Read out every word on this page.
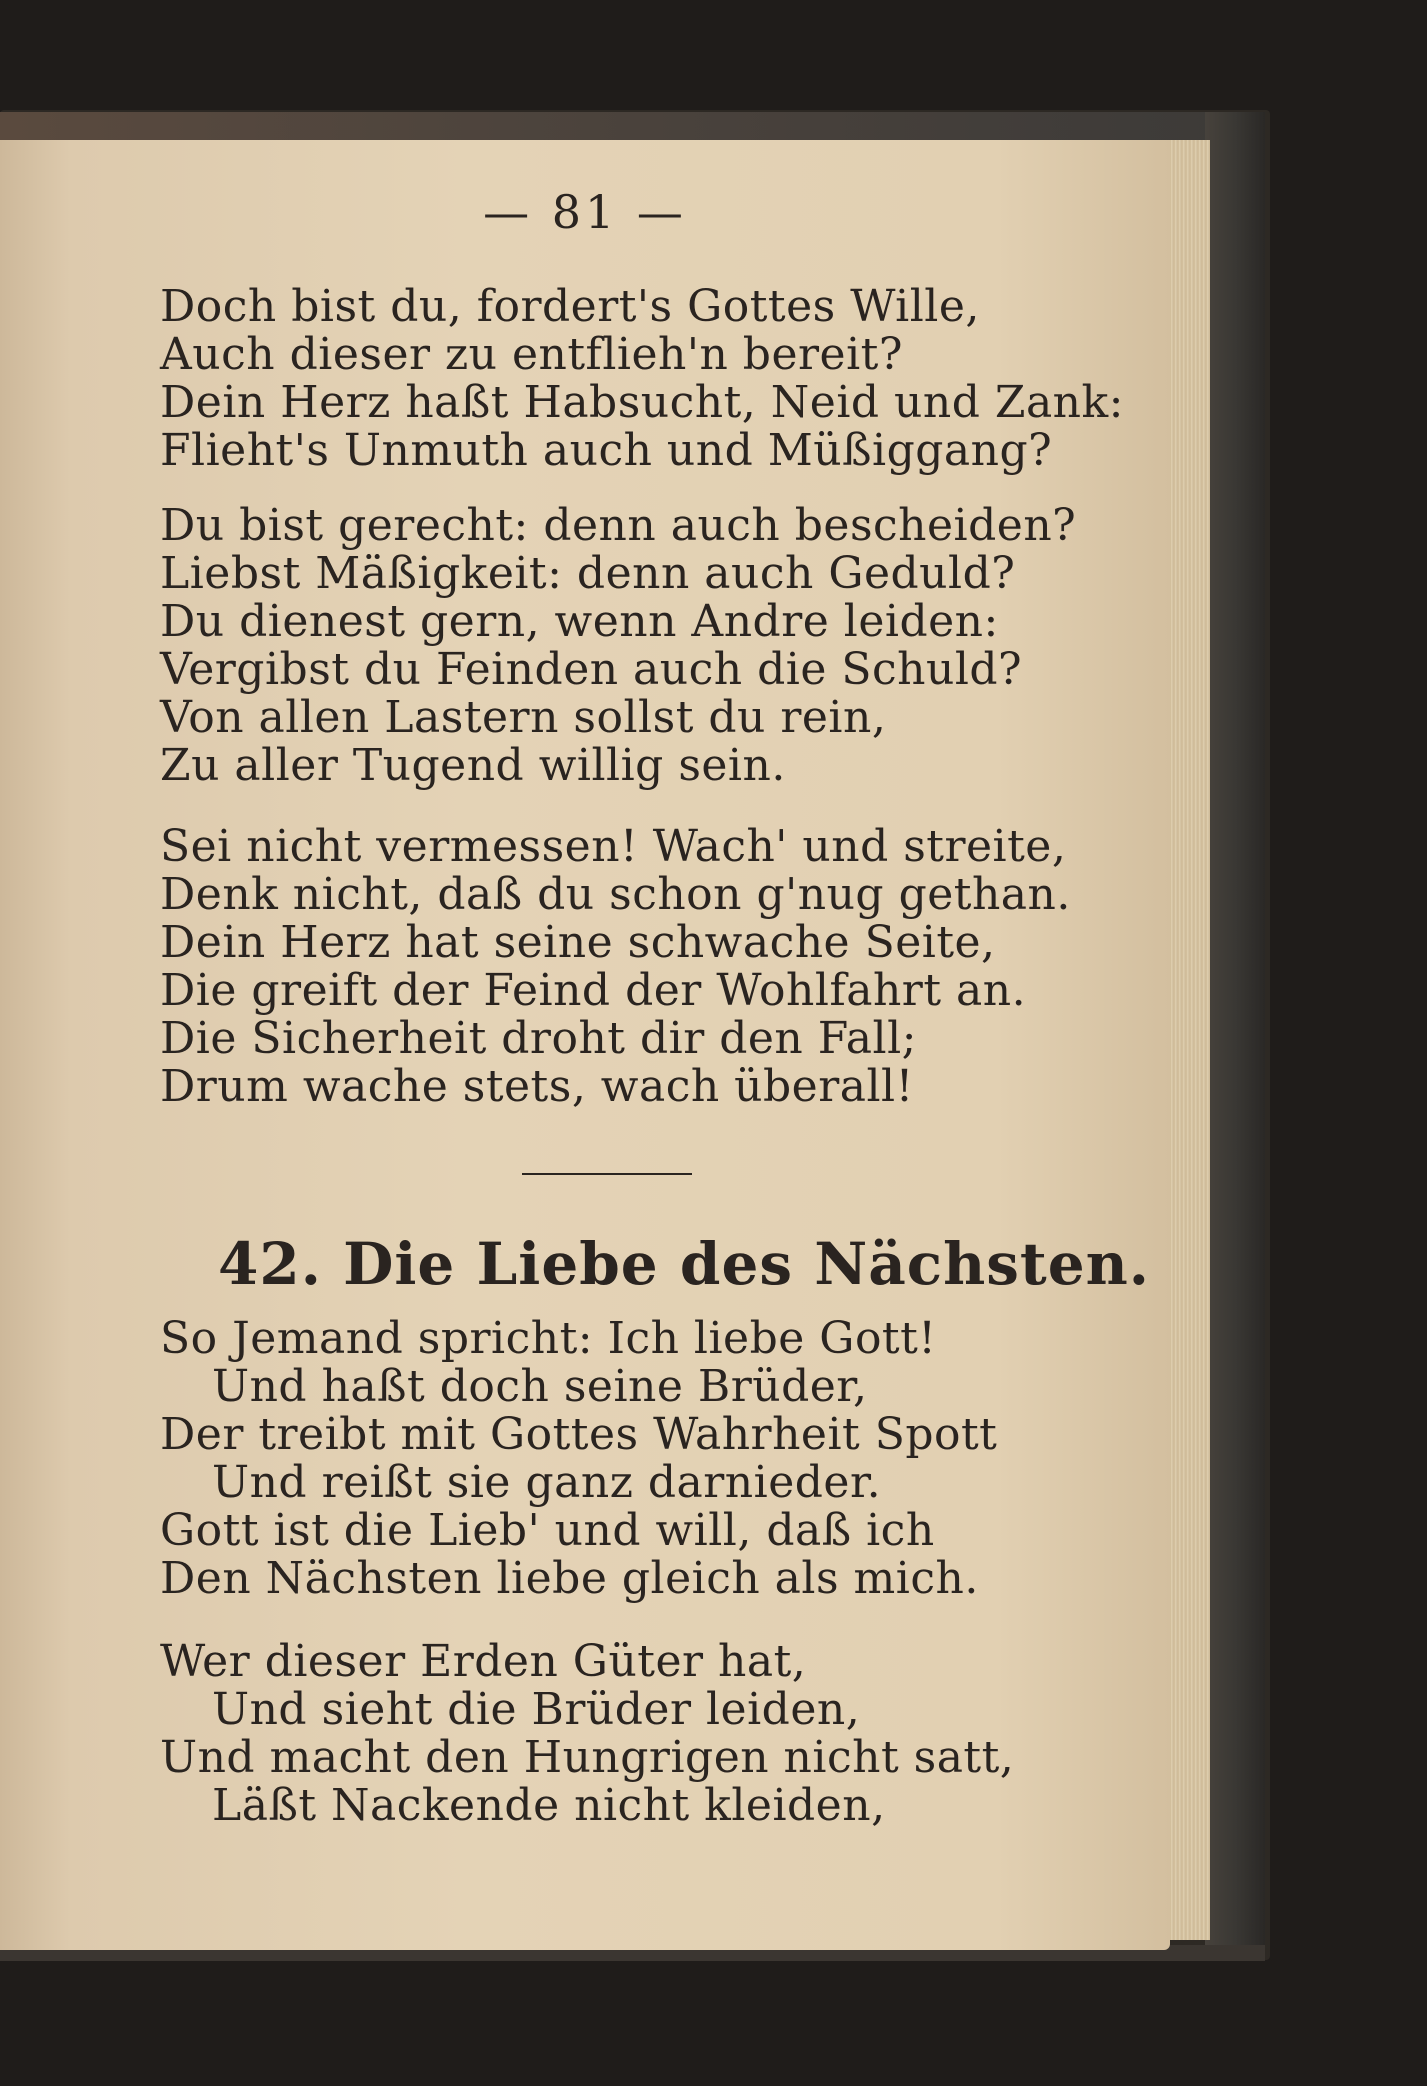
— 81 —
Doch bist du, fordert's Gottes Wille,
Auch dieser zu entflieh'n bereit?
Dein Herz haßt Habsucht, Neid und Zank:
Flieht's Unmuth auch und Müßiggang?
Du bist gerecht: denn auch bescheiden?
Liebst Mäßigkeit: denn auch Geduld?
Du dienest gern, wenn Andre leiden:
Vergibst du Feinden auch die Schuld?
Von allen Lastern sollst du rein,
Zu aller Tugend willig sein.
Sei nicht vermessen! Wach' und streite,
Denk nicht, daß du schon g'nug gethan.
Dein Herz hat seine schwache Seite,
Die greift der Feind der Wohlfahrt an.
Die Sicherheit droht dir den Fall;
Drum wache stets, wach überall!
42. Die Liebe des Nächsten.
So Jemand spricht: Ich liebe Gott!
Und haßt doch seine Brüder,
Der treibt mit Gottes Wahrheit Spott
Und reißt sie ganz darnieder.
Gott ist die Lieb' und will, daß ich
Den Nächsten liebe gleich als mich.
Wer dieser Erden Güter hat,
Und sieht die Brüder leiden,
Und macht den Hungrigen nicht satt,
Läßt Nackende nicht kleiden,
